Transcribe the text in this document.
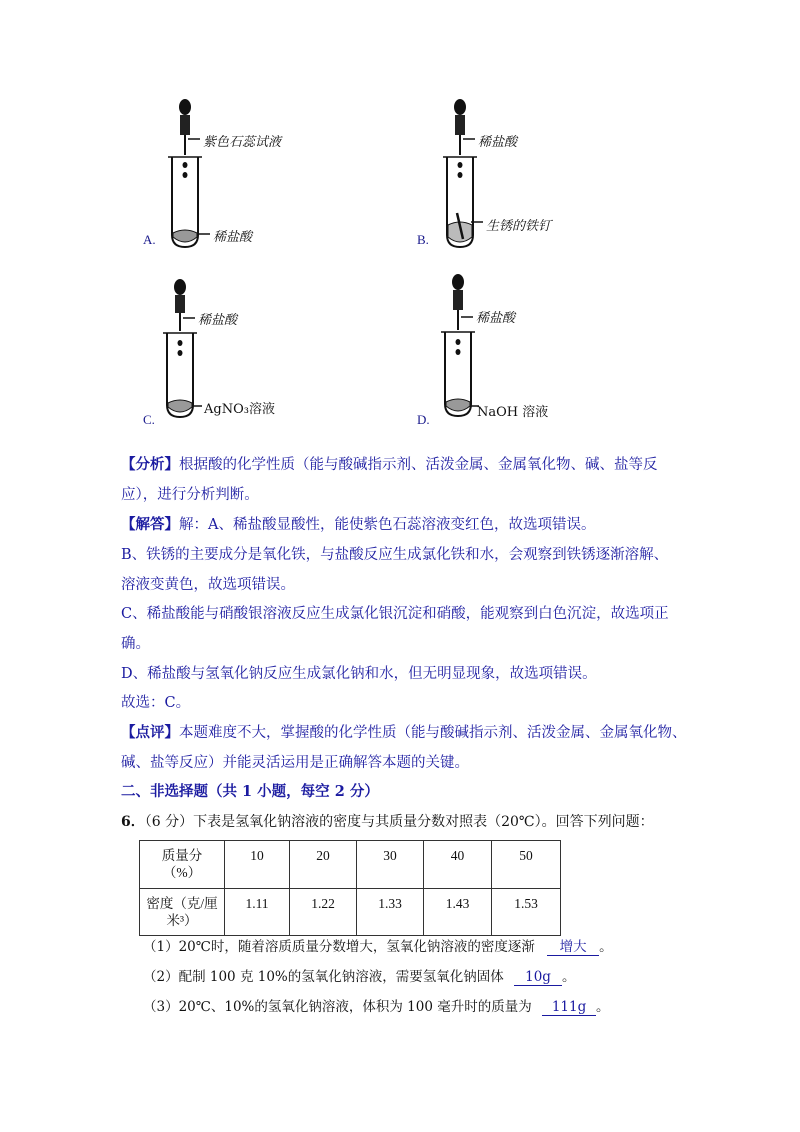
紫色石蕊试液
稀盐酸
A.
稀盐酸
生锈的铁钉
B.
稀盐酸
AgNO₃溶液
C.
稀盐酸
NaOH 溶液
D.
【分析】根据酸的化学性质（能与酸碱指示剂、活泼金属、金属氧化物、碱、盐等反
应），进行分析判断。
【解答】解：A、稀盐酸显酸性，能使紫色石蕊溶液变红色，故选项错误。
B、铁锈的主要成分是氧化铁，与盐酸反应生成氯化铁和水，会观察到铁锈逐渐溶解、
溶液变黄色，故选项错误。
C、稀盐酸能与硝酸银溶液反应生成氯化银沉淀和硝酸，能观察到白色沉淀，故选项正
确。
D、稀盐酸与氢氧化钠反应生成氯化钠和水，但无明显现象，故选项错误。
故选：C。
【点评】本题难度不大，掌握酸的化学性质（能与酸碱指示剂、活泼金属、金属氧化物、
碱、盐等反应）并能灵活运用是正确解答本题的关键。
二、非选择题（共 1 小题，每空 2 分）
6．（6 分）下表是氢氧化钠溶液的密度与其质量分数对照表（20℃）。回答下列问题：
质量分
（%）	10	20	30	40	50
密度（克/厘
米³）	1.11	1.22	1.33	1.43	1.53
（1）20℃时，随着溶质质量分数增大，氢氧化钠溶液的密度逐渐 增大 。
（2）配制 100 克 10%的氢氧化钠溶液，需要氢氧化钠固体 10g 。
（3）20℃、10%的氢氧化钠溶液，体积为 100 毫升时的质量为 111g 。
